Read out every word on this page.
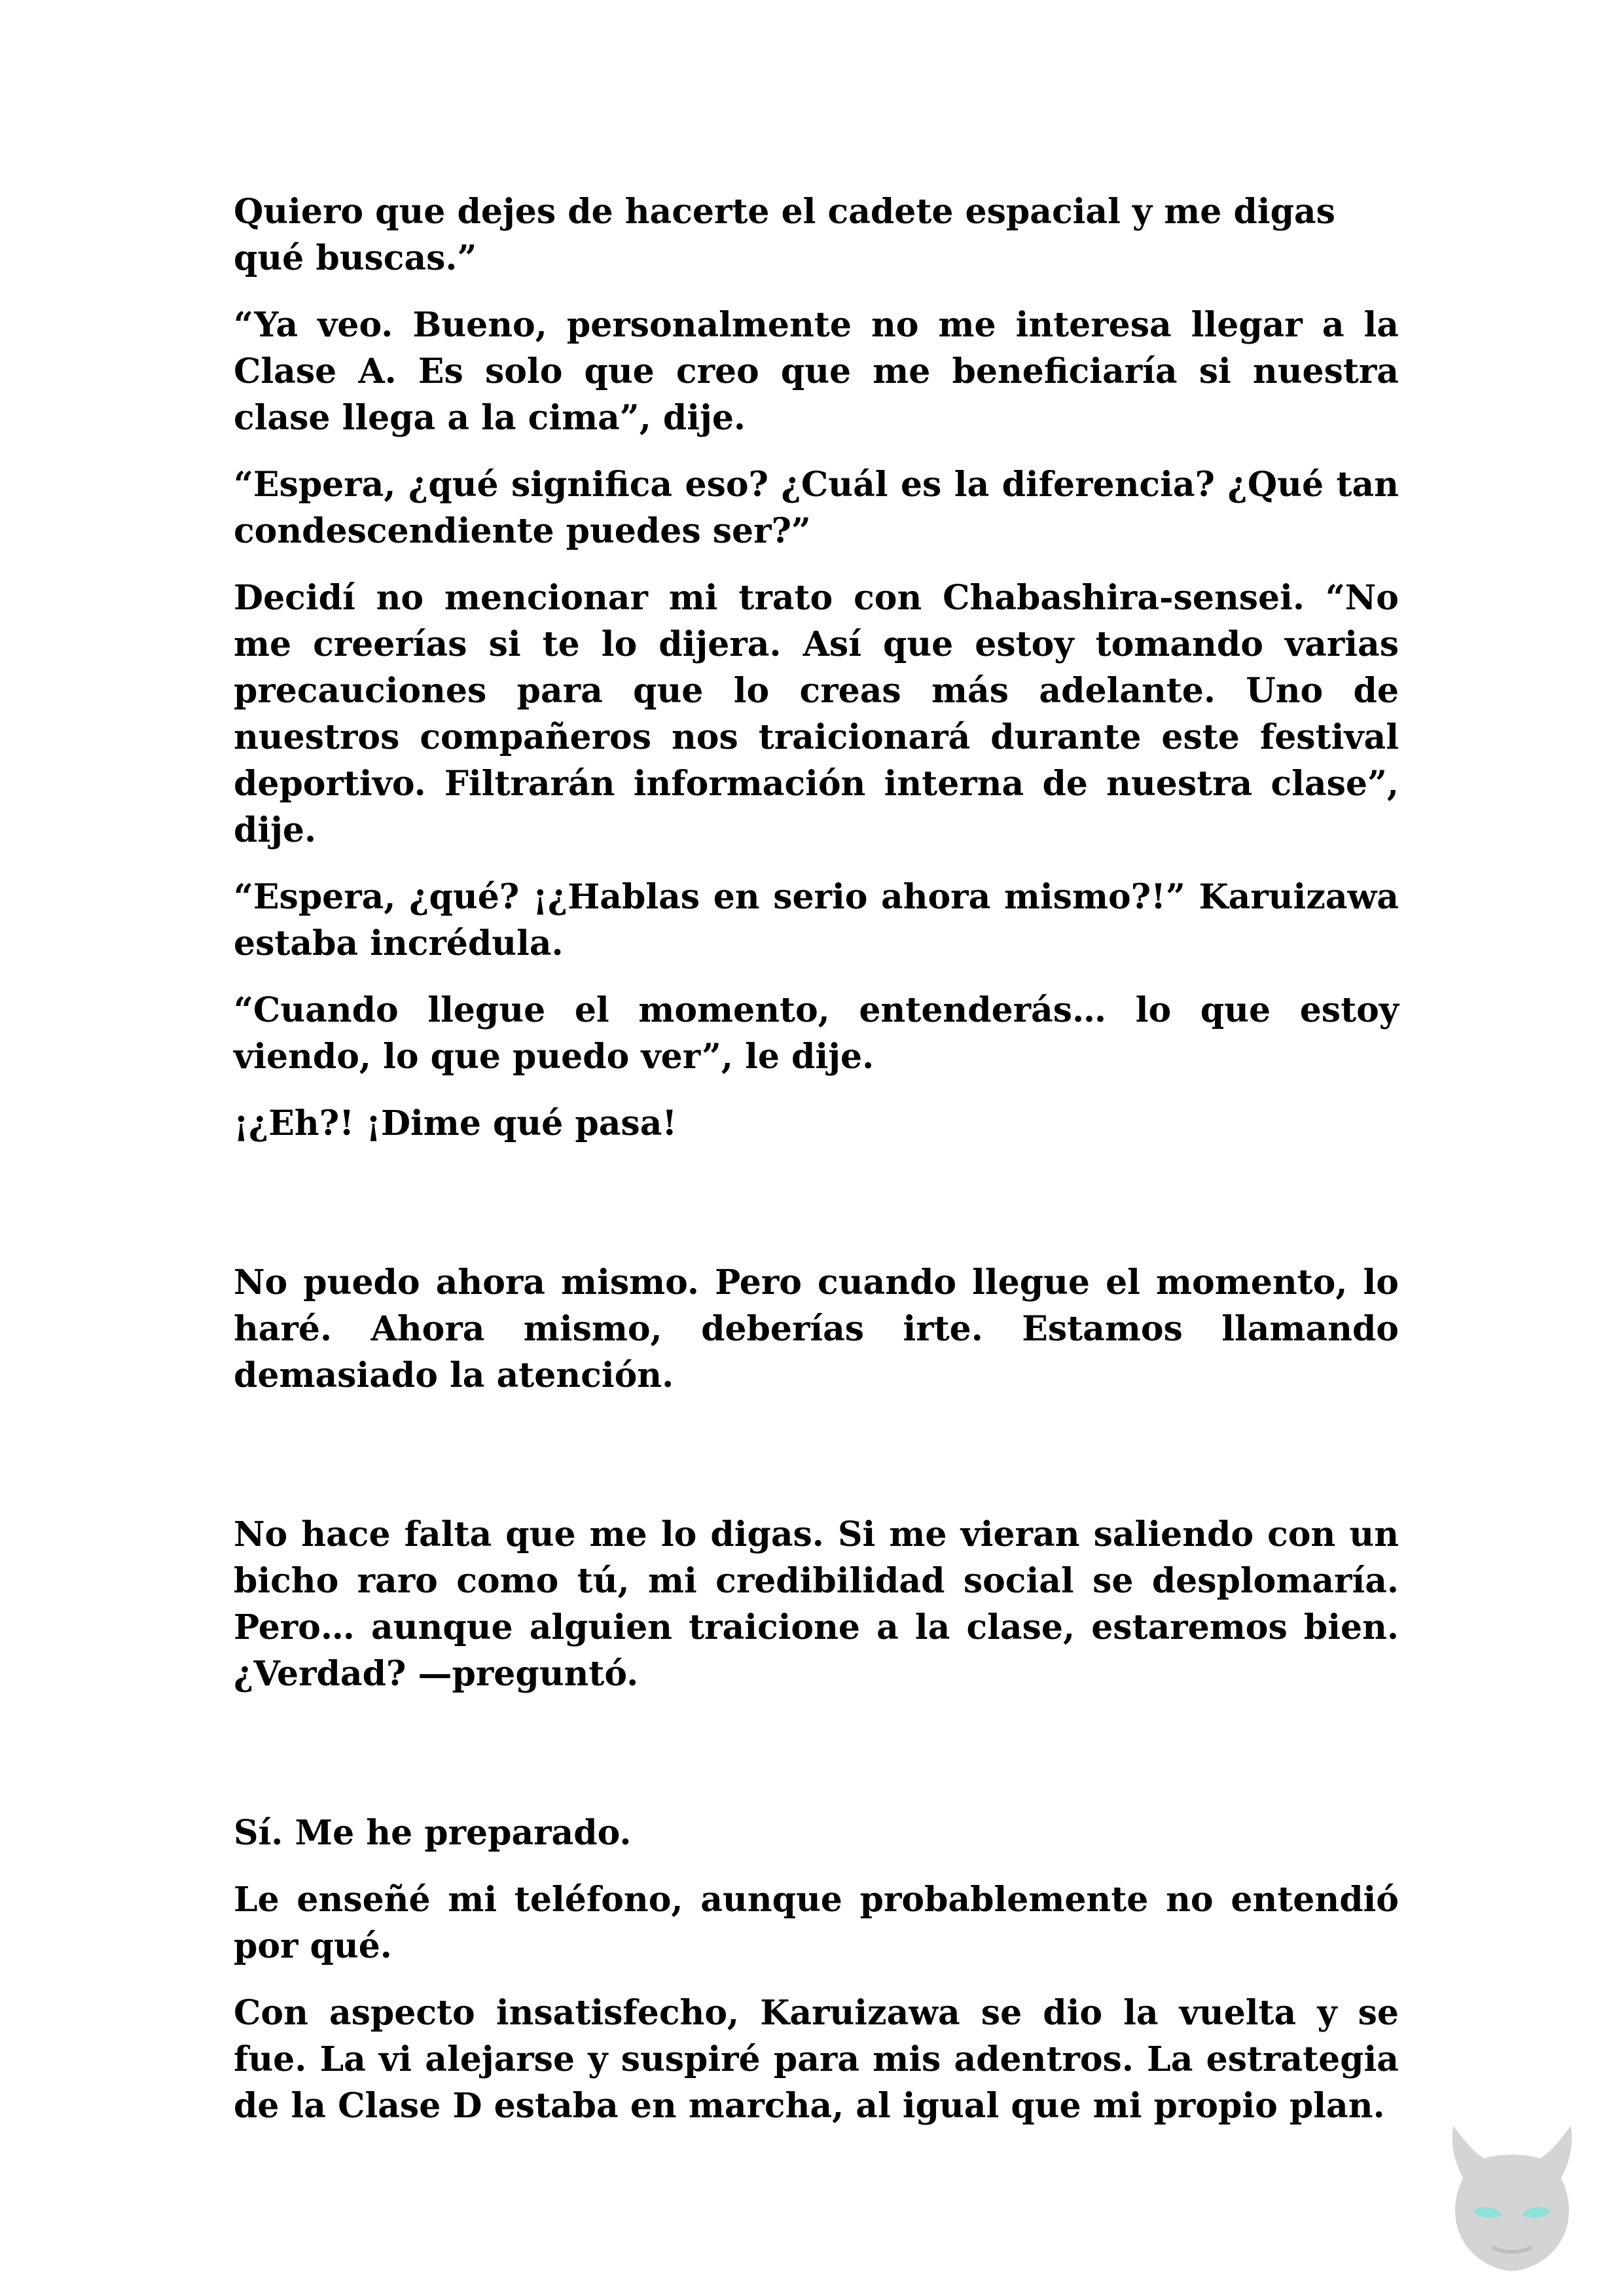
Quiero que dejes de hacerte el cadete espacial y me digas qué buscas.”

“Ya veo. Bueno, personalmente no me interesa llegar a la Clase A. Es solo que creo que me beneficiaría si nuestra clase llega a la cima”, dije.

“Espera, ¿qué significa eso? ¿Cuál es la diferencia? ¿Qué tan condescendiente puedes ser?”

Decidí no mencionar mi trato con Chabashira-sensei. “No me creerías si te lo dijera. Así que estoy tomando varias precauciones para que lo creas más adelante. Uno de nuestros compañeros nos traicionará durante este festival deportivo. Filtrarán información interna de nuestra clase”, dije.

“Espera, ¿qué? ¡¿Hablas en serio ahora mismo?!” Karuizawa estaba incrédula.

“Cuando llegue el momento, entenderás… lo que estoy viendo, lo que puedo ver”, le dije.

¡¿Eh?! ¡Dime qué pasa!

No puedo ahora mismo. Pero cuando llegue el momento, lo haré. Ahora mismo, deberías irte. Estamos llamando demasiado la atención.

No hace falta que me lo digas. Si me vieran saliendo con un bicho raro como tú, mi credibilidad social se desplomaría. Pero… aunque alguien traicione a la clase, estaremos bien. ¿Verdad? —preguntó.

Sí. Me he preparado.

Le enseñé mi teléfono, aunque probablemente no entendió por qué.

Con aspecto insatisfecho, Karuizawa se dio la vuelta y se fue. La vi alejarse y suspiré para mis adentros. La estrategia de la Clase D estaba en marcha, al igual que mi propio plan.
